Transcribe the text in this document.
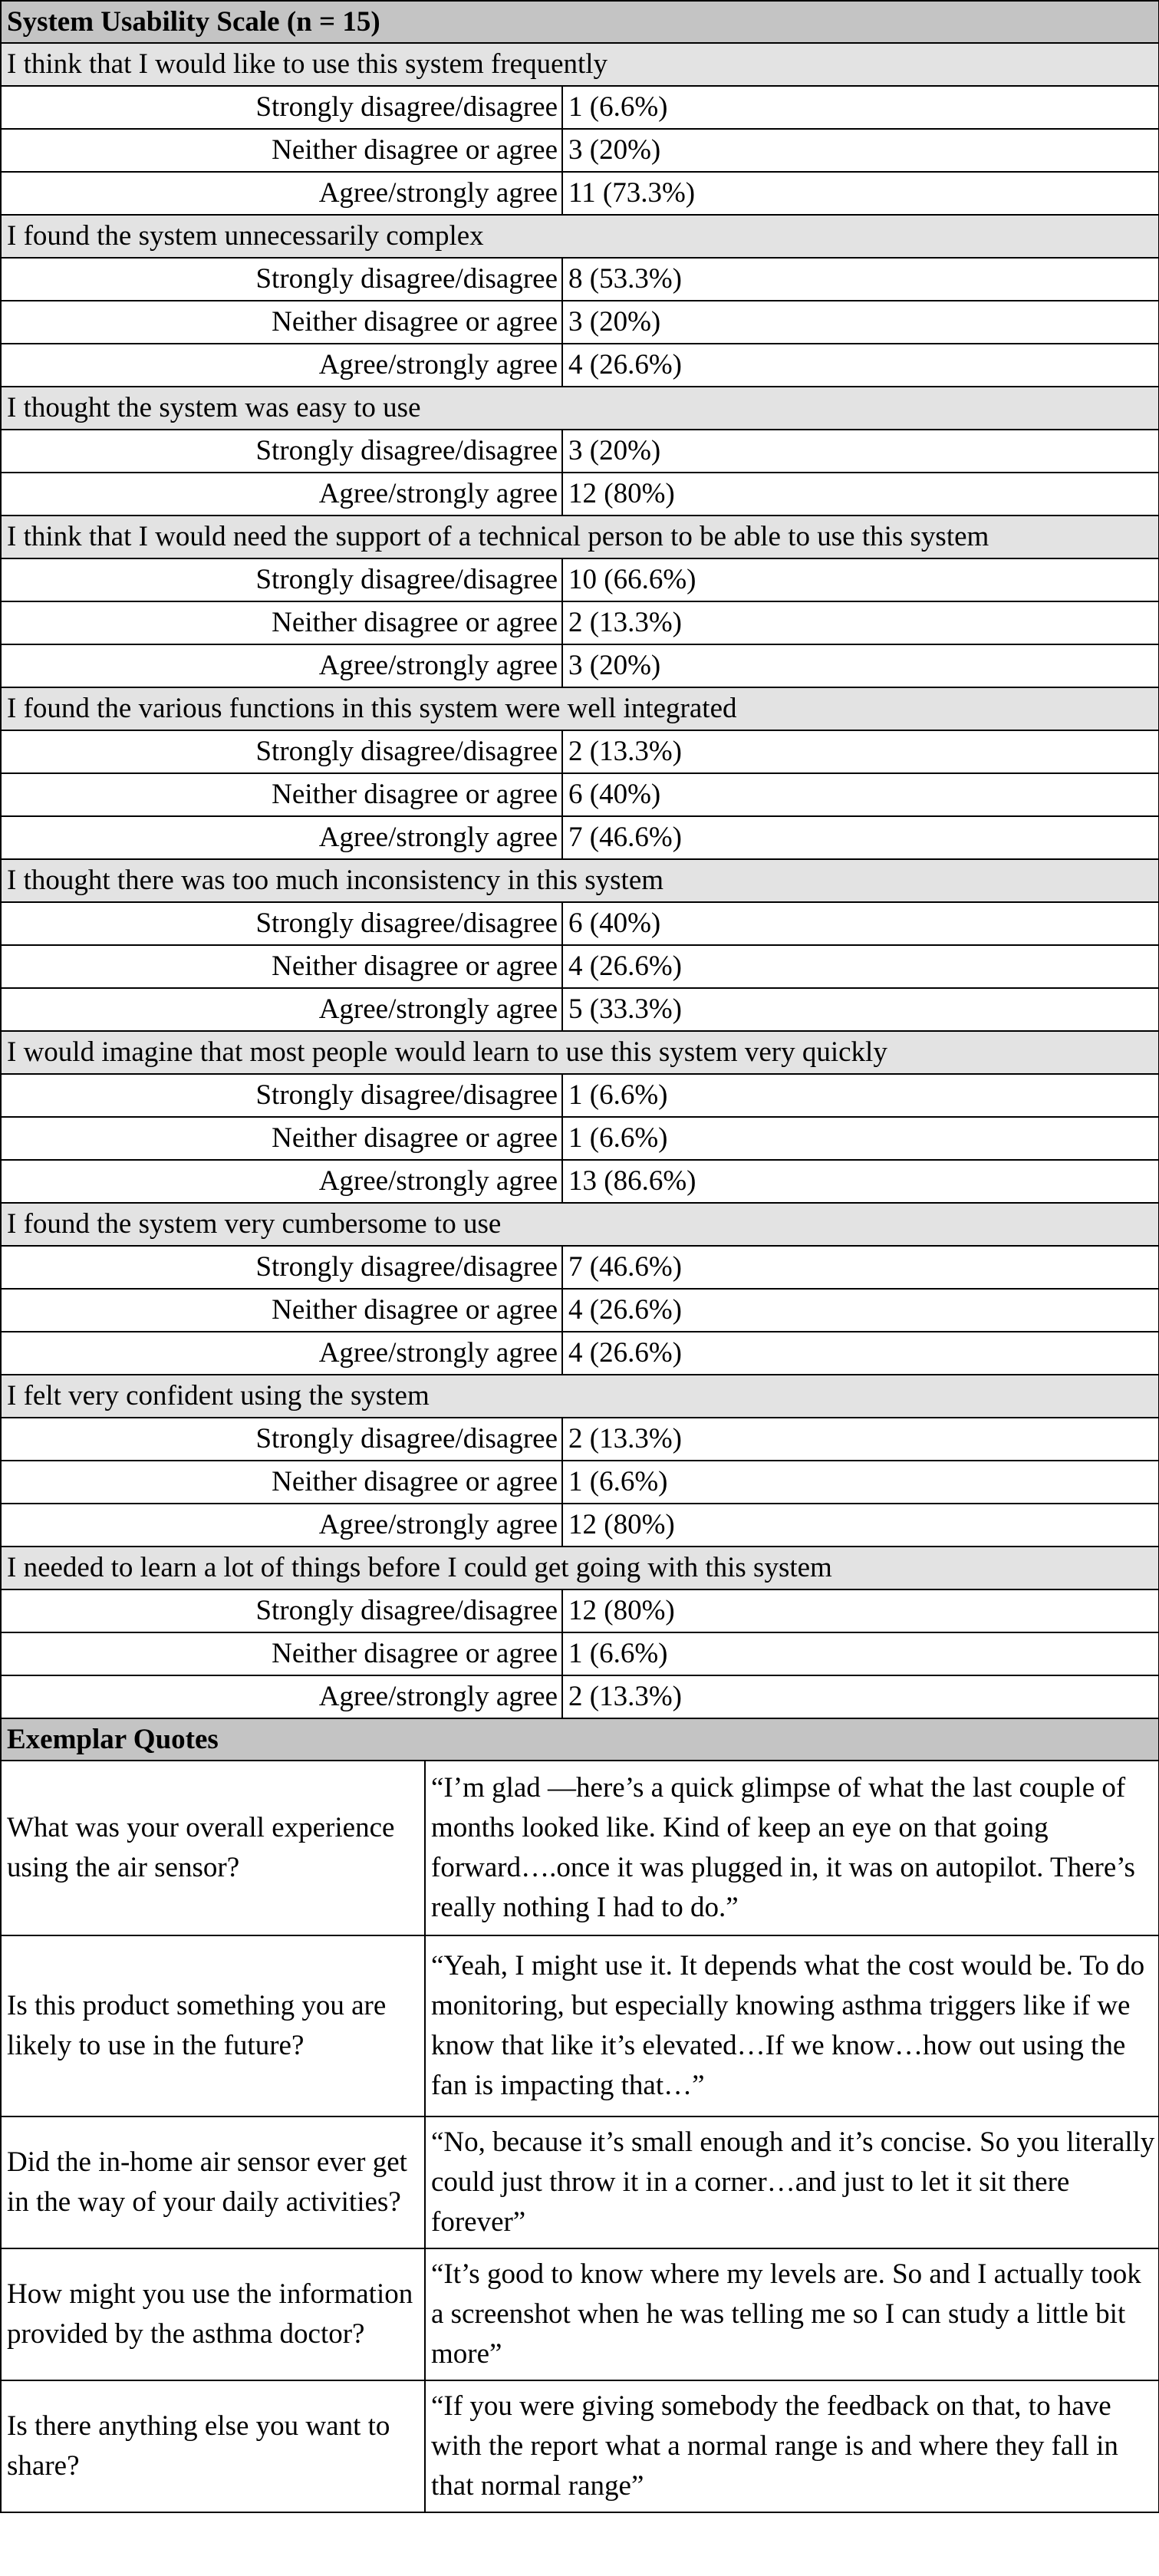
System Usability Scale (n = 15)		
I think that I would like to use this system frequently		
Strongly disagree/disagree		1 (6.6%)
Neither disagree or agree		3 (20%)
Agree/strongly agree		11 (73.3%)
I found the system unnecessarily complex		
Strongly disagree/disagree		8 (53.3%)
Neither disagree or agree		3 (20%)
Agree/strongly agree		4 (26.6%)
I thought the system was easy to use		
Strongly disagree/disagree		3 (20%)
Agree/strongly agree		12 (80%)
I think that I would need the support of a technical person to be able to use this system		
Strongly disagree/disagree		10 (66.6%)
Neither disagree or agree		2 (13.3%)
Agree/strongly agree		3 (20%)
I found the various functions in this system were well integrated		
Strongly disagree/disagree		2 (13.3%)
Neither disagree or agree		6 (40%)
Agree/strongly agree		7 (46.6%)
I thought there was too much inconsistency in this system		
Strongly disagree/disagree		6 (40%)
Neither disagree or agree		4 (26.6%)
Agree/strongly agree		5 (33.3%)
I would imagine that most people would learn to use this system very quickly		
Strongly disagree/disagree		1 (6.6%)
Neither disagree or agree		1 (6.6%)
Agree/strongly agree		13 (86.6%)
I found the system very cumbersome to use		
Strongly disagree/disagree		7 (46.6%)
Neither disagree or agree		4 (26.6%)
Agree/strongly agree		4 (26.6%)
I felt very confident using the system		
Strongly disagree/disagree		2 (13.3%)
Neither disagree or agree		1 (6.6%)
Agree/strongly agree		12 (80%)
I needed to learn a lot of things before I could get going with this system		
Strongly disagree/disagree		12 (80%)
Neither disagree or agree		1 (6.6%)
Agree/strongly agree		2 (13.3%)
Exemplar Quotes		
What was your overall experience using the air sensor?	“I’m glad —here’s a quick glimpse of what the last couple of months looked like. Kind of keep an eye on that going forward….once it was plugged in, it was on autopilot. There’s really nothing I had to do.”	
Is this product something you are likely to use in the future?	“Yeah, I might use it. It depends what the cost would be. To do monitoring, but especially knowing asthma triggers like if we know that like it’s elevated…If we know…how out using the fan is impacting that…”	
Did the in-home air sensor ever get in the way of your daily activities?	“No, because it’s small enough and it’s concise. So you literally could just throw it in a corner…and just to let it sit there forever”	
How might you use the information provided by the asthma doctor?	“It’s good to know where my levels are. So and I actually took a screenshot when he was telling me so I can study a little bit more”	
Is there anything else you want to share?	“If you were giving somebody the feedback on that, to have with the report what a normal range is and where they fall in that normal range”	
